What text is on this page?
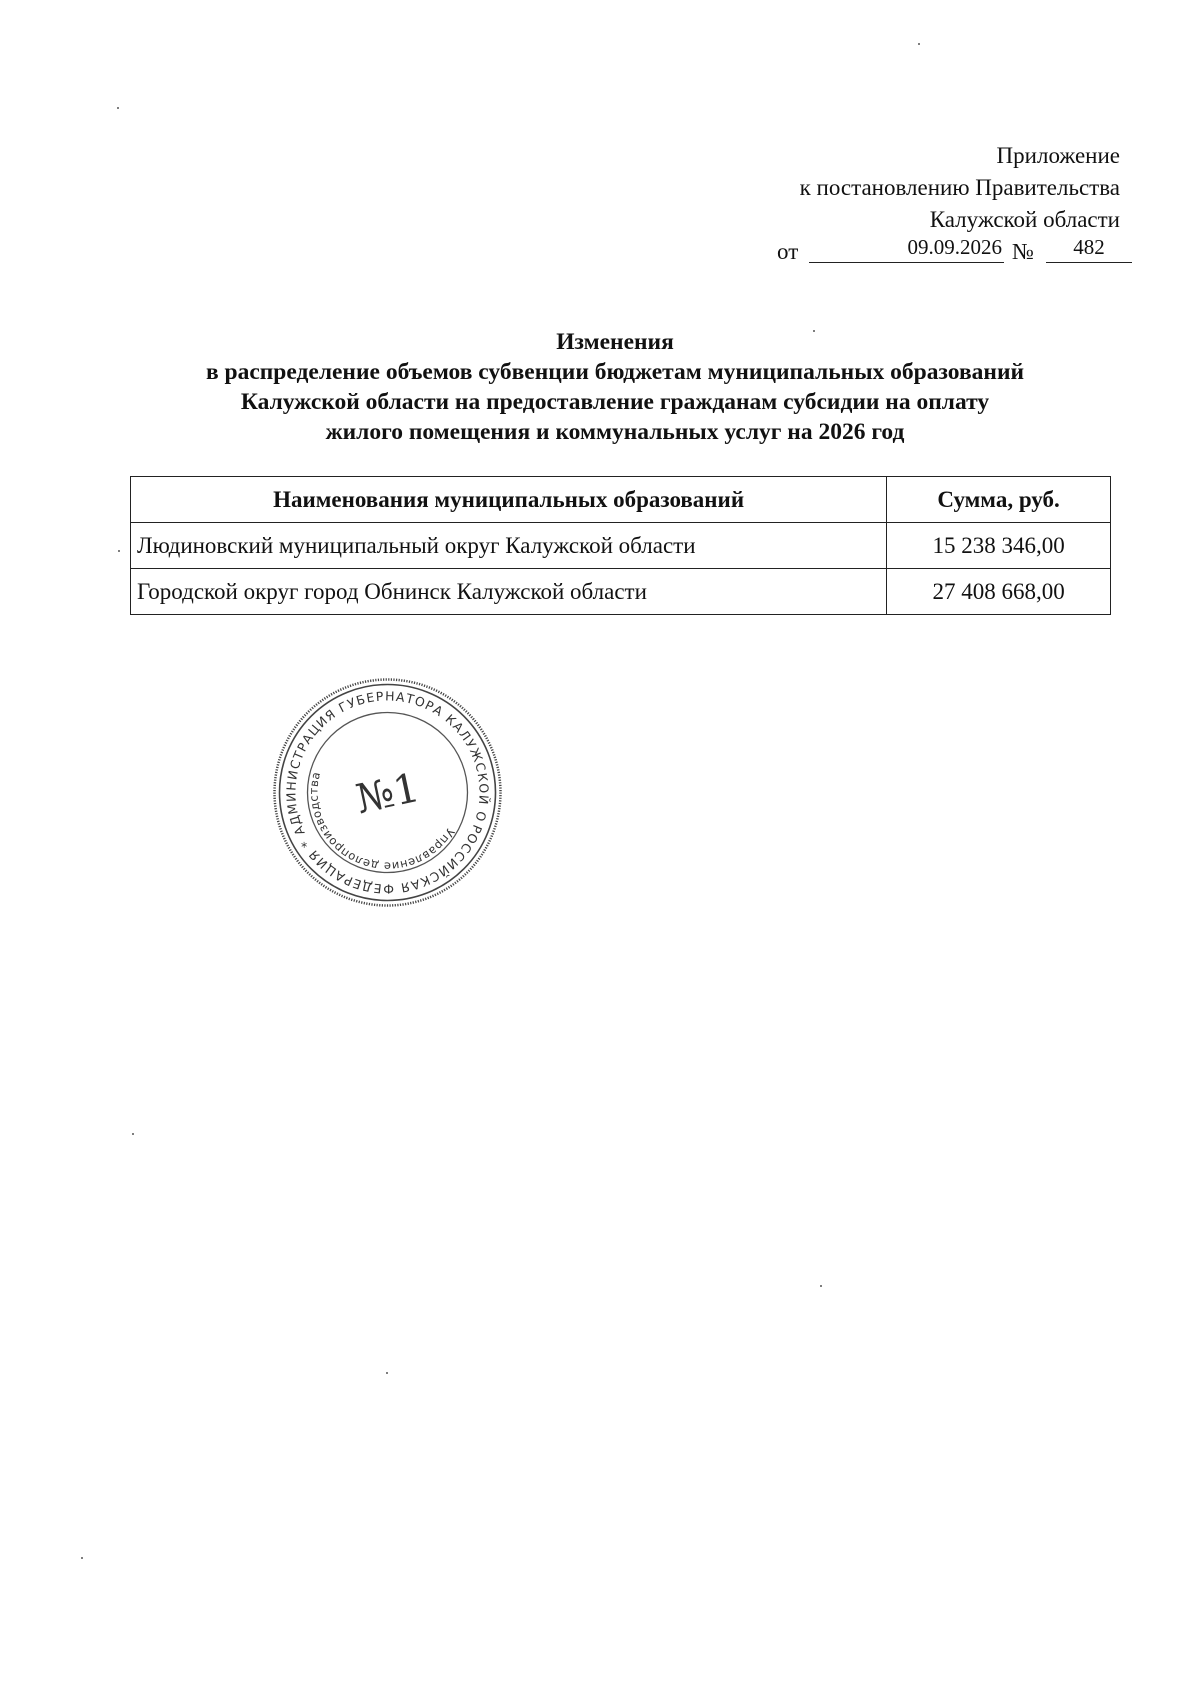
Приложение
к постановлению Правительства
Калужской области
от	09.09.2026 №	482
Изменения
в распределение объемов субвенции бюджетам муниципальных образований
Калужской области на предоставление гражданам субсидии на оплату
жилого помещения и коммунальных услуг на 2026 год
Наименования муниципальных образований	Сумма, руб.
Людиновский муниципальный округ Калужской области	15 238 346,00
Городской округ город Обнинск Калужской области	27 408 668,00
РОССИЙСКАЯ ФЕДЕРАЦИЯ * АДМИНИСТРАЦИЯ ГУБЕРНАТОРА КАЛУЖСКОЙ О
Управление делопроизводства №1
